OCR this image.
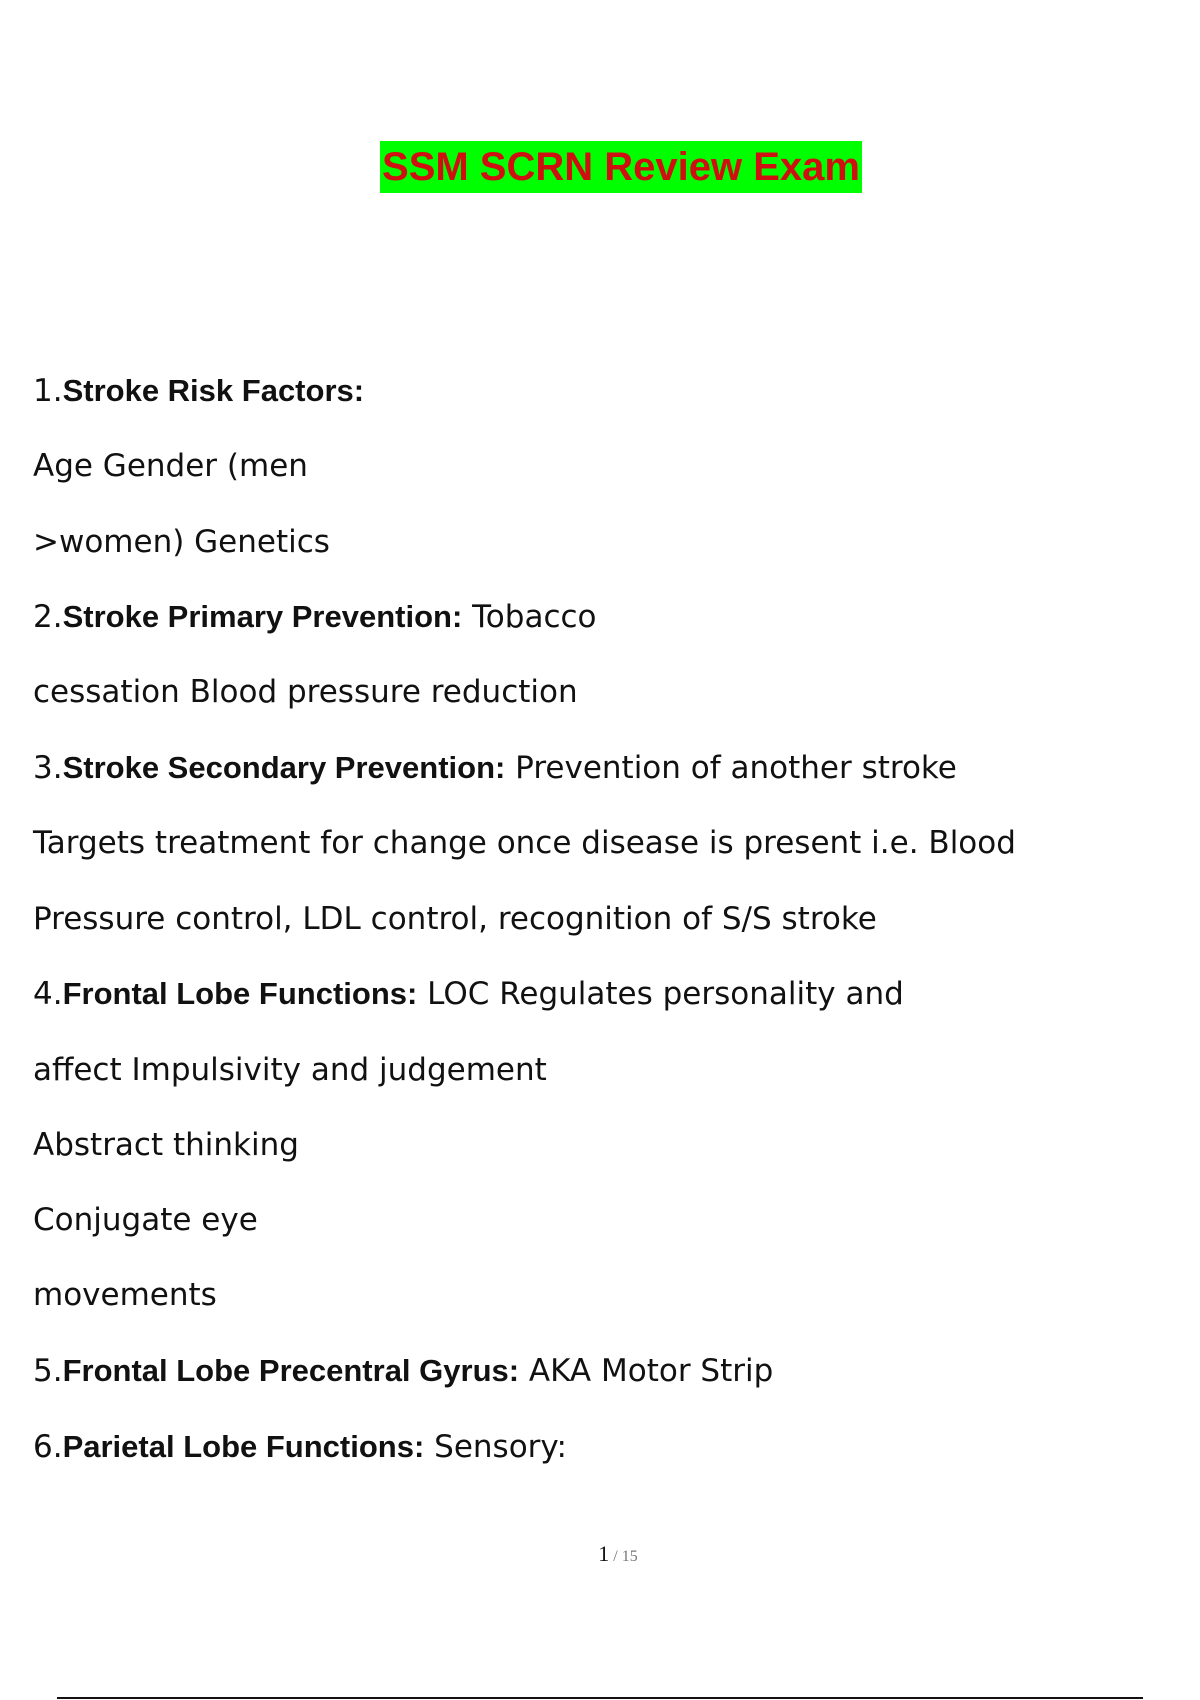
SSM SCRN Review Exam
1.Stroke Risk Factors:
Age Gender (men
>women) Genetics
2.Stroke Primary Prevention: Tobacco
cessation Blood pressure reduction
3.Stroke Secondary Prevention: Prevention of another stroke
Targets treatment for change once disease is present i.e. Blood
Pressure control, LDL control, recognition of S/S stroke
4.Frontal Lobe Functions: LOC Regulates personality and
affect Impulsivity and judgement
Abstract thinking
Conjugate eye
movements
5.Frontal Lobe Precentral Gyrus: AKA Motor Strip
6.Parietal Lobe Functions: Sensory:
1 / 15
